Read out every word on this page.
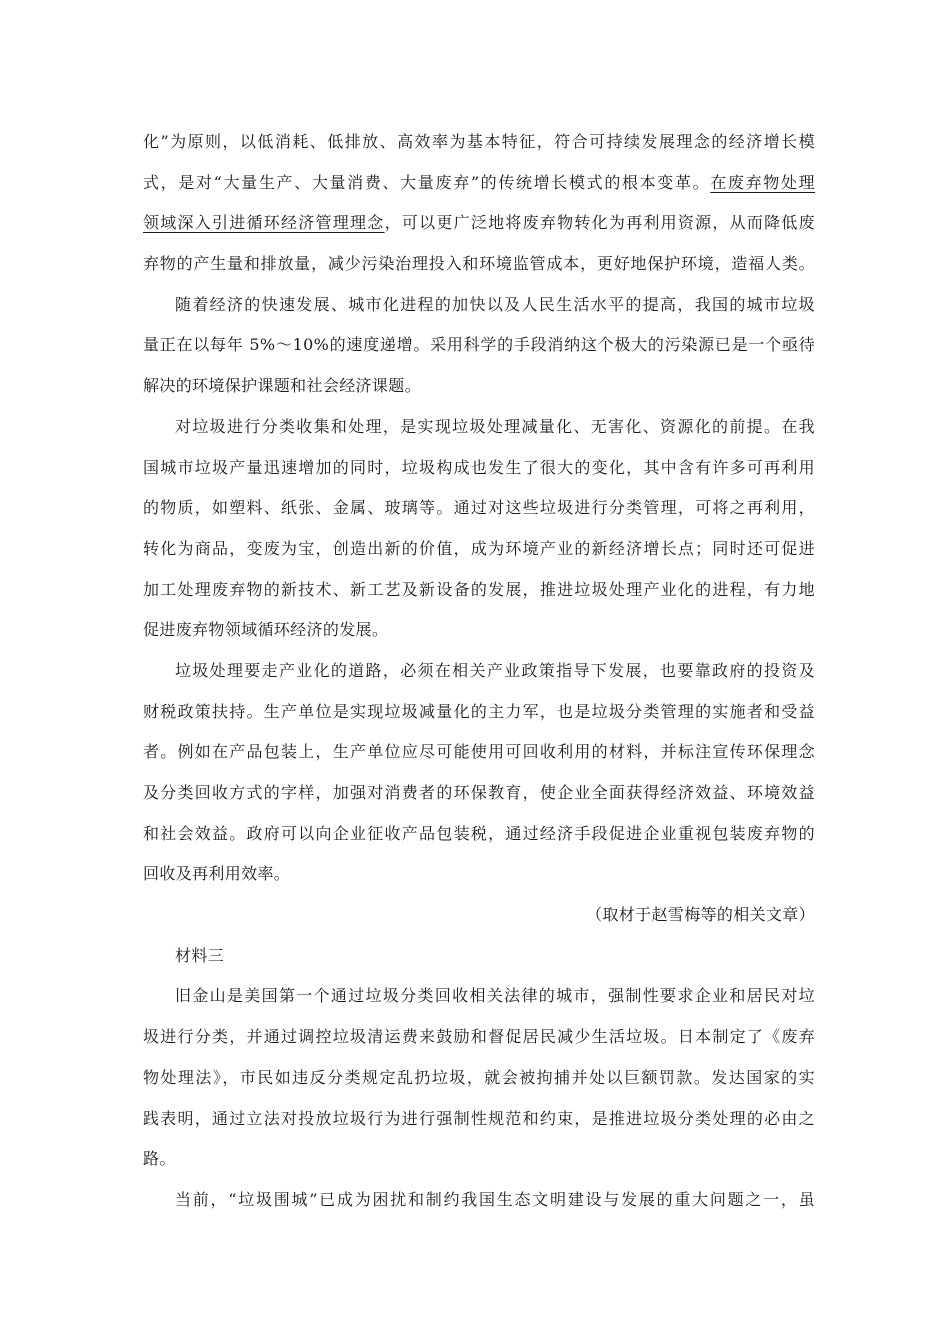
化”为原则，以低消耗、低排放、高效率为基本特征，符合可持续发展理念的经济增长模
式，是对“大量生产、大量消费、大量废弃”的传统增长模式的根本变革。在废弃物处理
领域深入引进循环经济管理理念，可以更广泛地将废弃物转化为再利用资源，从而降低废
弃物的产生量和排放量，减少污染治理投入和环境监管成本，更好地保护环境，造福人类。
随着经济的快速发展、城市化进程的加快以及人民生活水平的提高，我国的城市垃圾
量正在以每年 5%～10%的速度递增。采用科学的手段消纳这个极大的污染源已是一个亟待
解决的环境保护课题和社会经济课题。
对垃圾进行分类收集和处理，是实现垃圾处理减量化、无害化、资源化的前提。在我
国城市垃圾产量迅速增加的同时，垃圾构成也发生了很大的变化，其中含有许多可再利用
的物质，如塑料、纸张、金属、玻璃等。通过对这些垃圾进行分类管理，可将之再利用，
转化为商品，变废为宝，创造出新的价值，成为环境产业的新经济增长点；同时还可促进
加工处理废弃物的新技术、新工艺及新设备的发展，推进垃圾处理产业化的进程，有力地
促进废弃物领域循环经济的发展。
垃圾处理要走产业化的道路，必须在相关产业政策指导下发展，也要靠政府的投资及
财税政策扶持。生产单位是实现垃圾减量化的主力军，也是垃圾分类管理的实施者和受益
者。例如在产品包装上，生产单位应尽可能使用可回收利用的材料，并标注宣传环保理念
及分类回收方式的字样，加强对消费者的环保教育，使企业全面获得经济效益、环境效益
和社会效益。政府可以向企业征收产品包装税，通过经济手段促进企业重视包装废弃物的
回收及再利用效率。
（取材于赵雪梅等的相关文章）
材料三
旧金山是美国第一个通过垃圾分类回收相关法律的城市，强制性要求企业和居民对垃
圾进行分类，并通过调控垃圾清运费来鼓励和督促居民减少生活垃圾。日本制定了《废弃
物处理法》，市民如违反分类规定乱扔垃圾，就会被拘捕并处以巨额罚款。发达国家的实
践表明，通过立法对投放垃圾行为进行强制性规范和约束，是推进垃圾分类处理的必由之
路。
当前，“垃圾围城”已成为困扰和制约我国生态文明建设与发展的重大问题之一，虽
